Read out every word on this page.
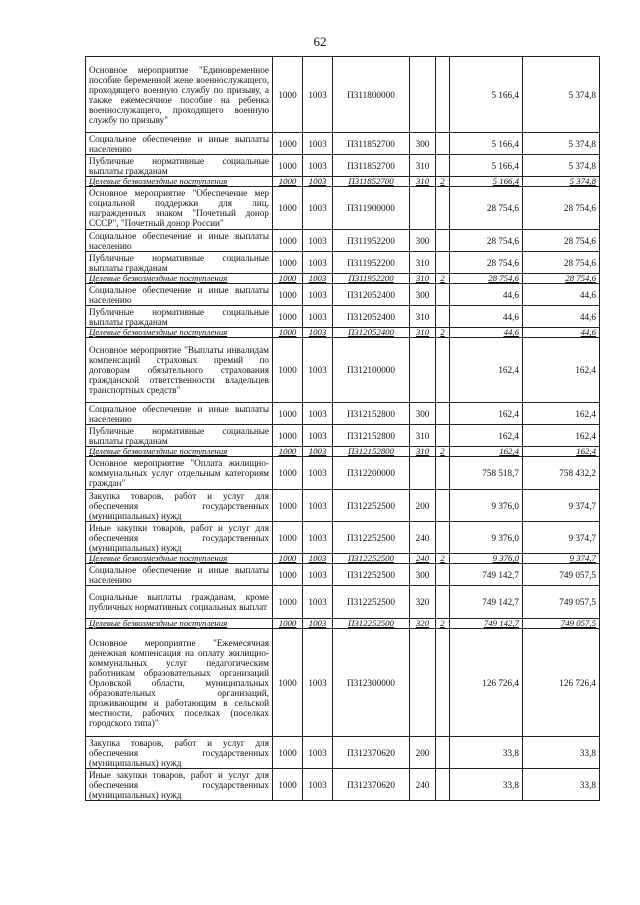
62
Основное мероприятие "Единовременное пособие беременной жене военнослужащего, проходящего военную службу по призыву, а также ежемесячное пособие на ребенка военнослужащего, проходящего военную службу по призыву"	1000	1003	П311800000			5 166,4	5 374,8
Социальное обеспечение и иные выплаты населению	1000	1003	П311852700	300		5 166,4	5 374,8
Публичные нормативные социальные выплаты гражданам	1000	1003	П311852700	310		5 166,4	5 374,8
Целевые безвозмездные поступления	1000	1003	П311852700	310	2	5 166,4	5 374,8
Основное мероприятие "Обеспечение мер социальной поддержки для лиц, награжденных знаком "Почетный донор СССР", "Почетный донор России"	1000	1003	П311900000			28 754,6	28 754,6
Социальное обеспечение и иные выплаты населению	1000	1003	П311952200	300		28 754,6	28 754,6
Публичные нормативные социальные выплаты гражданам	1000	1003	П311952200	310		28 754,6	28 754,6
Целевые безвозмездные поступления	1000	1003	П311952200	310	2	28 754,6	28 754,6
Социальное обеспечение и иные выплаты населению	1000	1003	П312052400	300		44,6	44,6
Публичные нормативные социальные выплаты гражданам	1000	1003	П312052400	310		44,6	44,6
Целевые безвозмездные поступления	1000	1003	П312052400	310	2	44,6	44,6
Основное мероприятие "Выплаты инвалидам компенсаций страховых премий по договорам обязательного страхования гражданской ответственности владельцев транспортных средств"	1000	1003	П312100000			162,4	162,4
Социальное обеспечение и иные выплаты населению	1000	1003	П312152800	300		162,4	162,4
Публичные нормативные социальные выплаты гражданам	1000	1003	П312152800	310		162,4	162,4
Целевые безвозмездные поступления	1000	1003	П312152800	310	2	162,4	162,4
Основное мероприятие "Оплата жилищно-коммунальных услуг отдельным категориям граждан"	1000	1003	П312200000			758 518,7	758 432,2
Закупка товаров, работ и услуг для обеспечения государственных (муниципальных) нужд	1000	1003	П312252500	200		9 376,0	9 374,7
Иные закупки товаров, работ и услуг для обеспечения государственных (муниципальных) нужд	1000	1003	П312252500	240		9 376,0	9 374,7
Целевые безвозмездные поступления	1000	1003	П312252500	240	2	9 376,0	9 374,7
Социальное обеспечение и иные выплаты населению	1000	1003	П312252500	300		749 142,7	749 057,5
Социальные выплаты гражданам, кроме публичных нормативных социальных выплат	1000	1003	П312252500	320		749 142,7	749 057,5
Целевые безвозмездные поступления	1000	1003	П312252500	320	2	749 142,7	749 057,5
Основное мероприятие "Ежемесячная денежная компенсация на оплату жилищно-коммунальных услуг педагогическим работникам образовательных организаций Орловской области, муниципальных образовательных организаций, проживающим и работающим в сельской местности, рабочих поселках (поселках городского типа)"	1000	1003	П312300000			126 726,4	126 726,4
Закупка товаров, работ и услуг для обеспечения государственных (муниципальных) нужд	1000	1003	П312370620	200		33,8	33,8
Иные закупки товаров, работ и услуг для обеспечения государственных (муниципальных) нужд	1000	1003	П312370620	240		33,8	33,8
